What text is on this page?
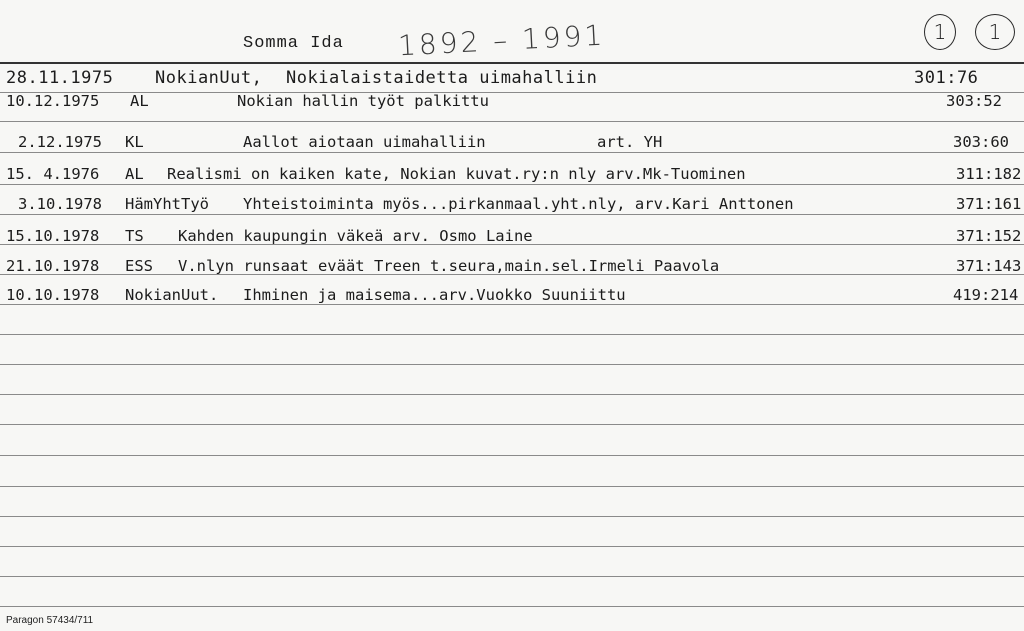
Somma Ida 1892 – 1991	1	1
28.11.1975 NokianUut, Nokialaistaidetta uimahalliin	301:76
10.12.1975 AL	Nokian hallin työt palkittu	303:52
2.12.1975 KL	Aallot aiotaan uimahalliin	art. YH	303:60
15. 4.1976 AL Realismi on kaiken kate, Nokian kuvat.ry:n nly arv.Mk-Tuominen	311:182
3.10.1978 HämYhtTyö Yhteistoiminta myös...pirkanmaal.yht.nly, arv.Kari Anttonen	371:161
15.10.1978 TS Kahden kaupungin väkeä arv. Osmo Laine	371:152
21.10.1978 ESS V.nlyn runsaat eväät Treen t.seura,main.sel.Irmeli Paavola	371:143
10.10.1978 NokianUut. Ihminen ja maisema...arv.Vuokko Suuniittu	419:214
Paragon 57434/711
